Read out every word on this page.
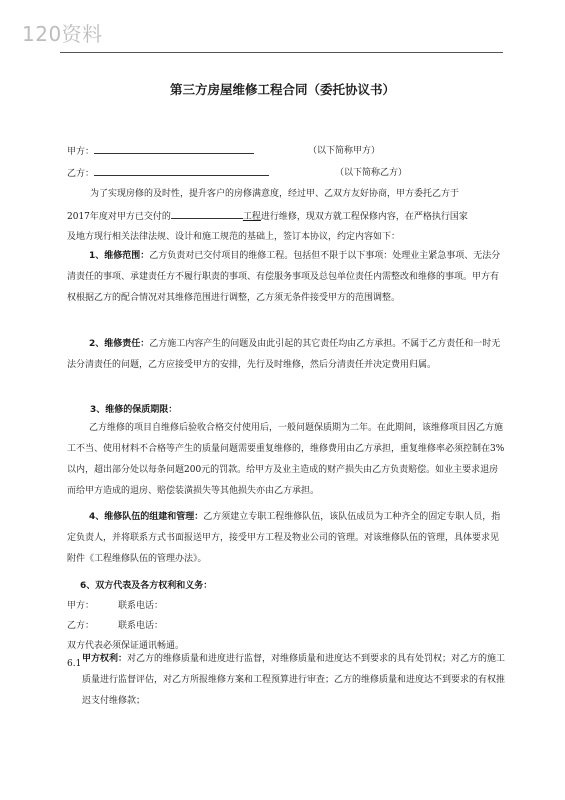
120资料
第三方房屋维修工程合同（委托协议书）
甲方：	（以下简称甲方）
乙方：	（以下简称乙方）
为了实现房修的及时性，提升客户的房修满意度，经过甲、乙双方友好协商，甲方委托乙方于
2017年度对甲方已交付的	工程进行维修，现双方就工程保修内容，在严格执行国家
及地方现行相关法律法规、设计和施工规范的基础上，签订本协议，约定内容如下：
1、维修范围：乙方负责对已交付项目的维修工程。包括但不限于以下事项：处理业主紧急事项、无法分清责任的事项、承建责任方不履行职责的事项、有偿服务事项及总包单位责任内需整改和维修的事项。甲方有权根据乙方的配合情况对其维修范围进行调整，乙方须无条件接受甲方的范围调整。
2、维修责任：乙方施工内容产生的问题及由此引起的其它责任均由乙方承担。不属于乙方责任和一时无法分清责任的问题，乙方应接受甲方的安排，先行及时维修，然后分清责任并决定费用归属。
3、维修的保质期限：
乙方维修的项目自维修后验收合格交付使用后，一般问题保质期为二年。在此期间，该维修项目因乙方施工不当、使用材料不合格等产生的质量问题需要重复维修的，维修费用由乙方承担，重复维修率必须控制在3%以内，超出部分处以每条问题200元的罚款。给甲方及业主造成的财产损失由乙方负责赔偿。如业主要求退房而给甲方造成的退房、赔偿装潢损失等其他损失亦由乙方承担。
4、维修队伍的组建和管理：乙方须建立专职工程维修队伍，该队伍成员为工种齐全的固定专职人员，指定负责人，并将联系方式书面报送甲方，接受甲方工程及物业公司的管理。对该维修队伍的管理，具体要求见附件《工程维修队伍的管理办法》。
6、双方代表及各方权利和义务：
甲方：	联系电话：
乙方：	联系电话：
双方代表必须保证通讯畅通。
6.1 甲方权利：对乙方的维修质量和进度进行监督，对维修质量和进度达不到要求的具有处罚权；对乙方的施工质量进行监督评估，对乙方所报维修方案和工程预算进行审查；乙方的维修质量和进度达不到要求的有权推迟支付维修款；
